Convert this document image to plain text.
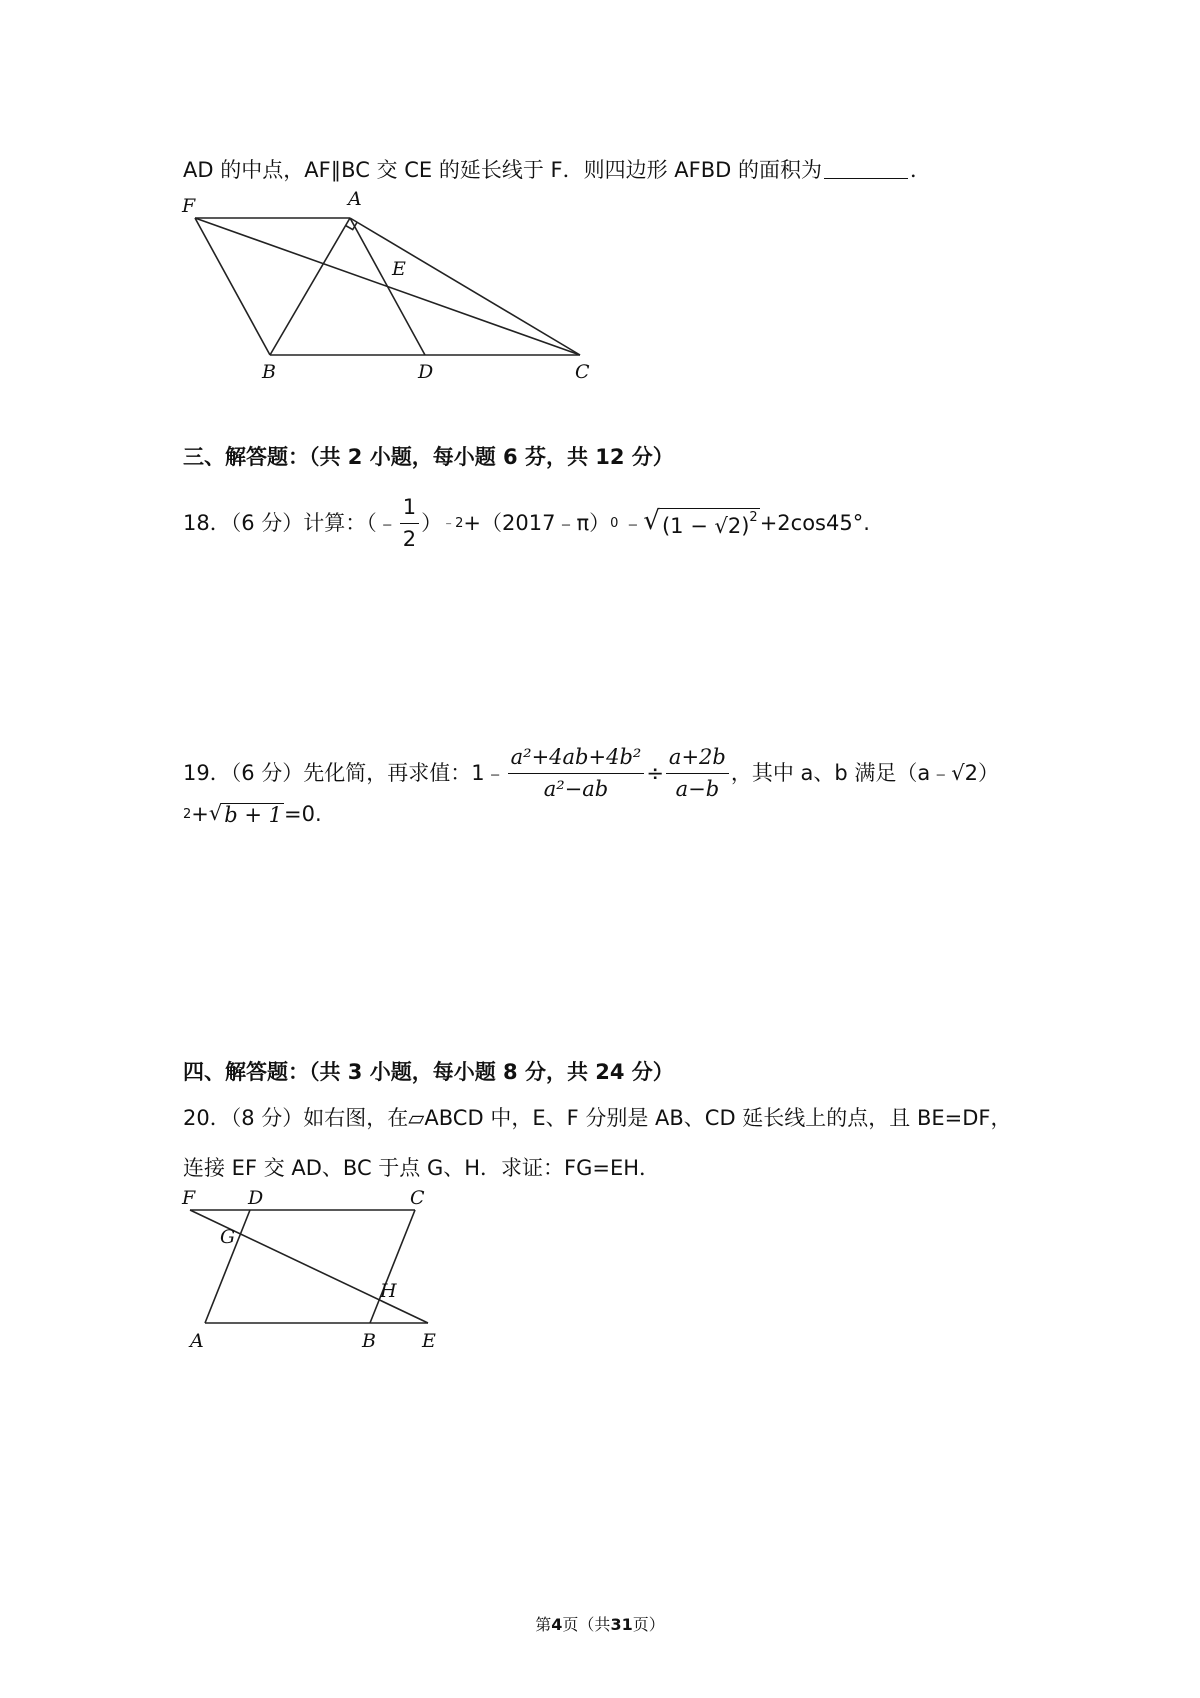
AD 的中点，AF∥BC 交 CE 的延长线于 F．则四边形 AFBD 的面积为	．
F	A
E
B	D	C
三、解答题：（共 2 小题，每小题 6 芬，共 12 分）
18．（6 分）计算：（﹣ $\frac{1}{2}$ ） ﹣2 +（2017﹣π） 0 ﹣ √ $(1 - √2)^2 +2\cos 45^\circ$.
19．（6 分）先化简，再求值：1﹣ $\frac{\text{a²+4ab+4b²}}{\text{a²−ab}} \div \frac{a+2b}{a-b}$ ，其中 a、b 满足（a﹣√2）
2 + √ b + 1 =0.
四、解答题：（共 3 小题，每小题 8 分，共 24 分）
20．（8 分）如右图，在▱ABCD 中，E、F 分别是 AB、CD 延长线上的点，且 BE=DF，
连接 EF 交 AD、BC 于点 G、H．求证：FG=EH．
F	D	C
G
H
A	B E
第4页（共31页）
